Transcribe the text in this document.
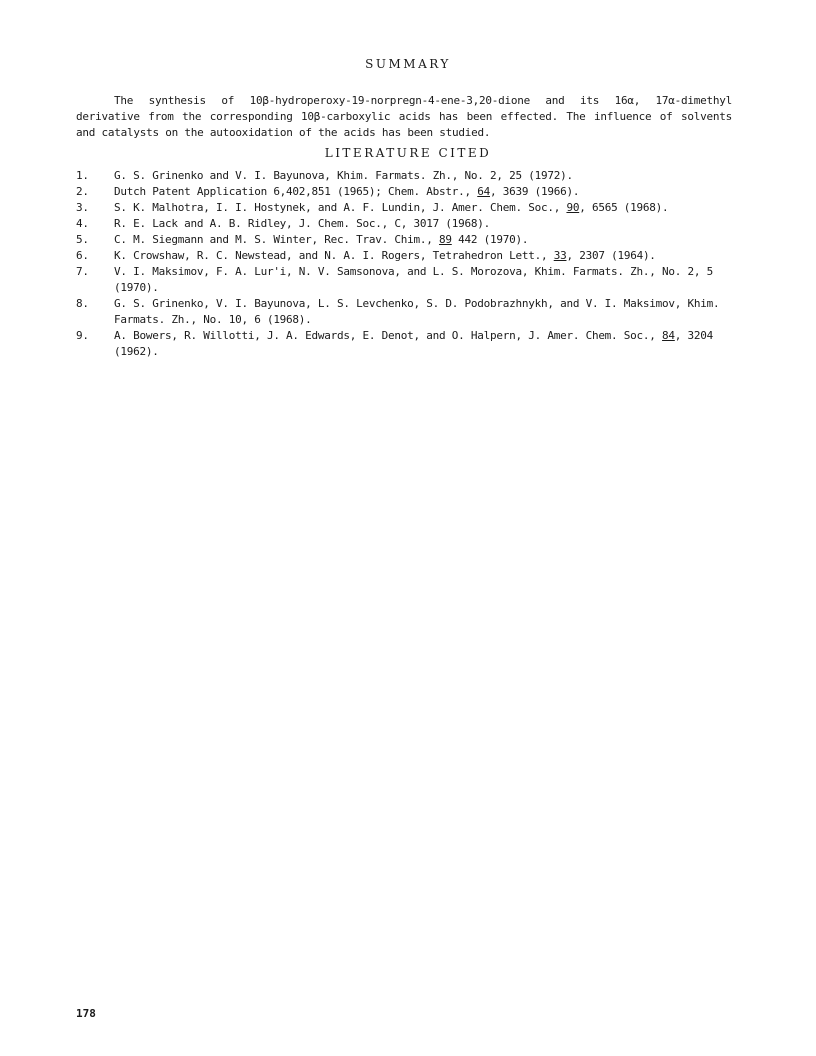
SUMMARY

The synthesis of 10β-hydroperoxy-19-norpregn-4-ene-3,20-dione and its 16α, 17α-dimethyl derivative from the corresponding 10β-carboxylic acids has been effected. The influence of solvents and catalysts on the autooxidation of the acids has been studied.

LITERATURE CITED
1.	G. S. Grinenko and V. I. Bayunova, Khim. Farmats. Zh., No. 2, 25 (1972).
2.	Dutch Patent Application 6,402,851 (1965); Chem. Abstr., 64, 3639 (1966).
3.	S. K. Malhotra, I. I. Hostynek, and A. F. Lundin, J. Amer. Chem. Soc., 90, 6565 (1968).
4.	R. E. Lack and A. B. Ridley, J. Chem. Soc., C, 3017 (1968).
5.	C. M. Siegmann and M. S. Winter, Rec. Trav. Chim., 89 442 (1970).
6.	K. Crowshaw, R. C. Newstead, and N. A. I. Rogers, Tetrahedron Lett., 33, 2307 (1964).
7.	V. I. Maksimov, F. A. Lur'i, N. V. Samsonova, and L. S. Morozova, Khim. Farmats. Zh., No. 2, 5 (1970).
8.	G. S. Grinenko, V. I. Bayunova, L. S. Levchenko, S. D. Podobrazhnykh, and V. I. Maksimov, Khim. Farmats. Zh., No. 10, 6 (1968).
9.	A. Bowers, R. Willotti, J. A. Edwards, E. Denot, and O. Halpern, J. Amer. Chem. Soc., 84, 3204 (1962).
178
